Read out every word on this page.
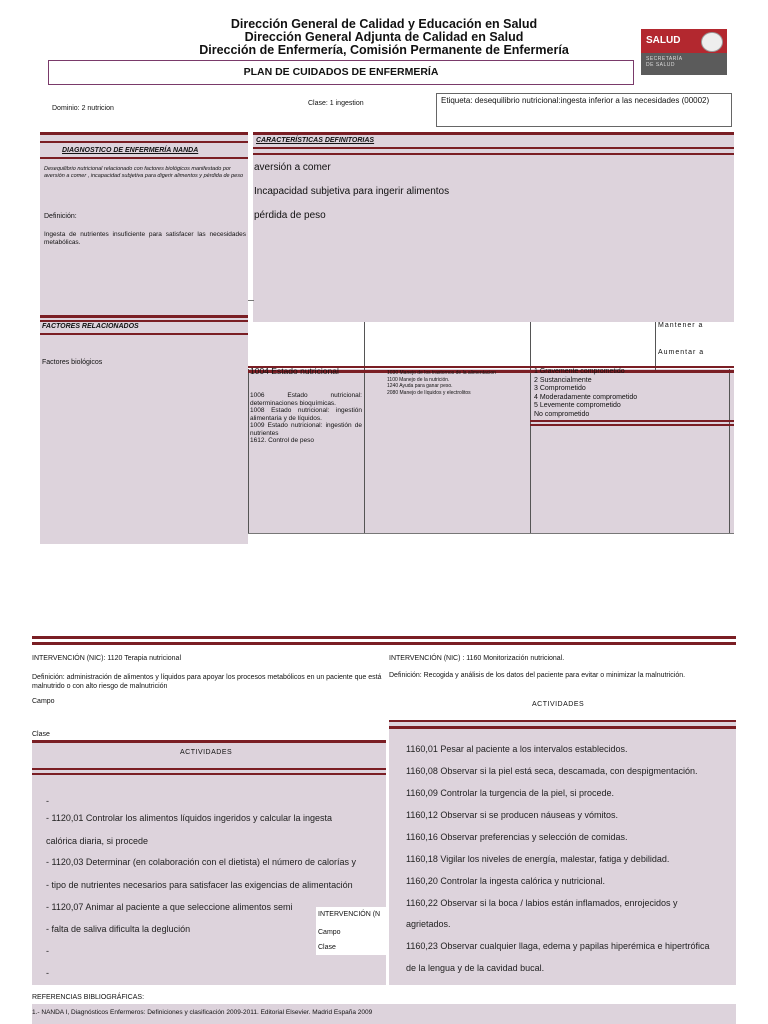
Dirección General de Calidad y Educación en Salud
Dirección General Adjunta de Calidad en Salud
Dirección de Enfermería, Comisión Permanente de Enfermería
SALUD
SECRETARÍA
DE SALUD
PLAN DE CUIDADOS DE ENFERMERÍA
Dominio: 2 nutricion
Clase: 1 ingestion	Etiqueta: desequilibrio nutricional:ingesta inferior a las necesidades (00002)
DIAGNOSTICO DE ENFERMERÍA NANDA
Desequilibrio nutricional relacionado con factores biológicos manifestado por aversión a comer , incapacidad subjetiva para digerir alimentos y pérdida de peso
Definición:
Ingesta de nutrientes insuficiente para satisfacer las necesidades metabólicas.
FACTORES RELACIONADOS
Factores biológicos
CARACTERÍSTICAS DEFINITORIAS
aversión a comer
Incapacidad subjetiva para ingerir alimentos
pérdida de peso
Mantener a
Aumentar a
1004 Estado nutricional
1006 Estado nutricional: determinaciones bioquímicas.
1008 Estado nutricional: ingestión alimentaria y de líquidos.
1009 Estado nutricional: ingestión de nutrientes
1612. Control de peso
1030 Manejo de los trastornos de la alimentacion
1100 Manejo de la nutrición.
1240 Ayuda para ganar peso.
2080 Manejo de líquidos y electrolitos
1 Gravemente comprometido
2 Sustancialmente
3 Comprometido
4 Moderadamente comprometido
5 Levemente comprometido
No comprometido
INTERVENCIÓN (NIC): 1120 Terapia nutricional
Definición: administración de alimentos y líquidos para apoyar los procesos metabólicos en un paciente que está malnutrido o con alto riesgo de malnutrición
Campo
Clase
ACTIVIDADES
-
- 1120,01 Controlar los alimentos líquidos ingeridos y calcular la ingesta
calórica diaria, si procede
- 1120,03 Determinar (en colaboración con el dietista) el número de calorías y
- tipo de nutrientes necesarios para satisfacer las exigencias de alimentación
- 1120,07 Animar al paciente a que seleccione alimentos semi
- falta de saliva dificulta la deglución
-
-
INTERVENCIÓN (N
Campo
Clase
INTERVENCIÓN (NIC) : 1160 Monitorización nutricional.
Definición: Recogida y análisis de los datos del paciente para evitar o minimizar la malnutrición.
ACTIVIDADES
1160,01 Pesar al paciente a los intervalos establecidos.
1160,08 Observar si la piel está seca, descamada, con despigmentación.
1160,09 Controlar la turgencia de la piel, si procede.
1160,12 Observar si se producen náuseas y vómitos.
1160,16 Observar preferencias y selección de comidas.
1160,18 Vigilar los niveles de energía, malestar, fatiga y debilidad.
1160,20 Controlar la ingesta calórica y nutricional.
1160,22 Observar si la boca / labios están inflamados, enrojecidos y
agrietados.
1160,23 Observar cualquier llaga, edema y papilas hiperémica e hipertrófica
de la lengua y de la cavidad bucal.
REFERENCIAS BIBLIOGRÁFICAS:
1.- NANDA I, Diagnósticos Enfermeros: Definiciones y clasificación 2009-2011. Editorial Elsevier. Madrid España 2009
